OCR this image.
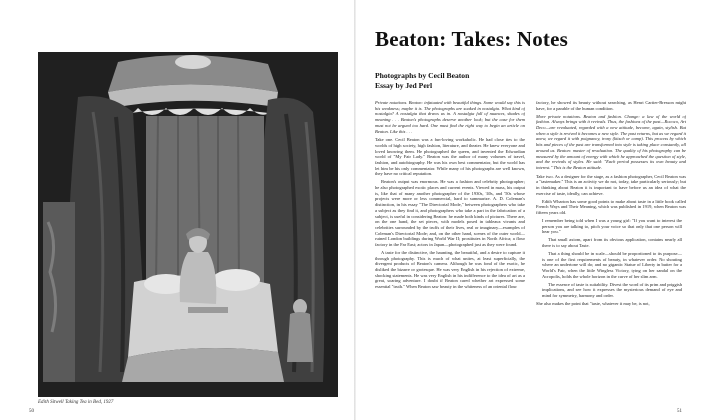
Edith Sitwell Taking Tea in Bed, 1927
50
Beaton: Takes: Notes
Photographs by Cecil Beaton
Essay by Jed Perl

Private notations. Beaton: infatuated with beautiful things. Some would say this is his weakness; maybe it is. The photographs are soaked in nostalgia. What kind of nostalgia? A nostalgia that draws us in. A nostalgia full of nuances, shades of meaning . . . Beaton's photographs deserve another look; but the case for them must not be argued too hard. One must find the right way to begin an article on Beaton. Like this . . .

Take one. Cecil Beaton was a fun-loving workaholic. He had close ties to the worlds of high society, high fashion, literature, and theater. He knew everyone and loved knowing them. He photographed the queen, and invented the Edwardian world of "My Fair Lady." Beaton was the author of many volumes of travel, fashion, and autobiography. He was his own best commentator, but the world has let him be his only commentator. While many of his photographs are well known, they have no critical reputation.

Beaton's output was enormous. He was a fashion and celebrity photographer; he also photographed exotic places and current events. Viewed in mass, his output is, like that of many another photographer of the 1930s, '40s, and '50s whose projects were more or less commercial, hard to summarize. A. D. Coleman's distinction, in his essay "The Directorial Mode," between photographers who take a subject as they find it, and photographers who take a part in the fabrication of a subject, is useful in considering Beaton: he made both kinds of pictures. There are, on the one hand, the set pieces, with models posed in tableaux vivants and celebrities surrounded by the truffs of their lives, real or imaginary—examples of Coleman's Directorial Mode; and, on the other hand, scenes of the outer world—ruined London buildings during World War II; prostitutes in North Africa; a flour factory in the Far East; actors in Japan—photographed just as they were found.

A taste for the distinctive, the haunting, the beautiful, and a desire to capture it through photography. This is much of what unites, at least superficially, the divergent products of Beaton's camera. Although he was fond of the exotic, he disliked the bizarre or grotesque. He was very English in his rejection of extreme, shocking statements. He was very English in his indifference to the idea of art as a great, soaring adventure. I doubt if Beaton cared whether art expressed some essential "truth." When Beaton saw beauty in the whiteness of an oriental flour

factory, he showed its beauty without searching, as Henri Cartier-Bresson might have, for a parable of the human condition.

More private notations. Beaton and fashion. Change: a law of the world of fashion. Always brings with it revivals. Thus, the fashions of the past—Rococo, Art Deco—are revaluated, regarded with a new attitude, become, again, stylish. But when a style is revived it becomes a new style. The past returns, but as we regard it anew, we regard it with poignancy, irony (kitsch or camp). This process by which bits and pieces of the past are transformed into style is taking place constantly, all around us. Beaton: master of revaluation. The quality of his photography can be measured by the amount of energy with which he approached the question of style, and the revivals of styles. He said: "Each period possesses its own beauty and interest." This is the Beaton attitude.

Take two. As a designer for the stage, as a fashion photographer, Cecil Beaton was a "tastemaker." This is an activity we do not, today, take particularly seriously; but in thinking about Beaton it is important to have before us an idea of what the exercise of taste, ideally, can achieve.

Edith Wharton has some good points to make about taste in a little book called French Ways and Their Meaning, which was published in 1919, when Beaton was fifteen years old.

I remember being told when I was a young girl: "If you want to interest the person you are talking to, pitch your voice so that only that one person will hear you."

That small axiom, apart from its obvious application, contains nearly all there is to say about Taste.

That a thing should be in scale—should be proportioned to its purpose—is one of the first requirements of beauty, in whatever order. No shouting where an undertone will do; and no gigantic Statue of Liberty in butter for a World's Fair, when the little Wingless Victory, tying on her sandal on the Acropolis, holds the whole horizon in the curve of her slim arm.

The essence of taste is suitability. Divest the word of its prim and priggish implications, and see how it expresses the mysterious demand of eye and mind for symmetry, harmony and order.

She also makes the point that "taste, whatever it may be, is not,

51
